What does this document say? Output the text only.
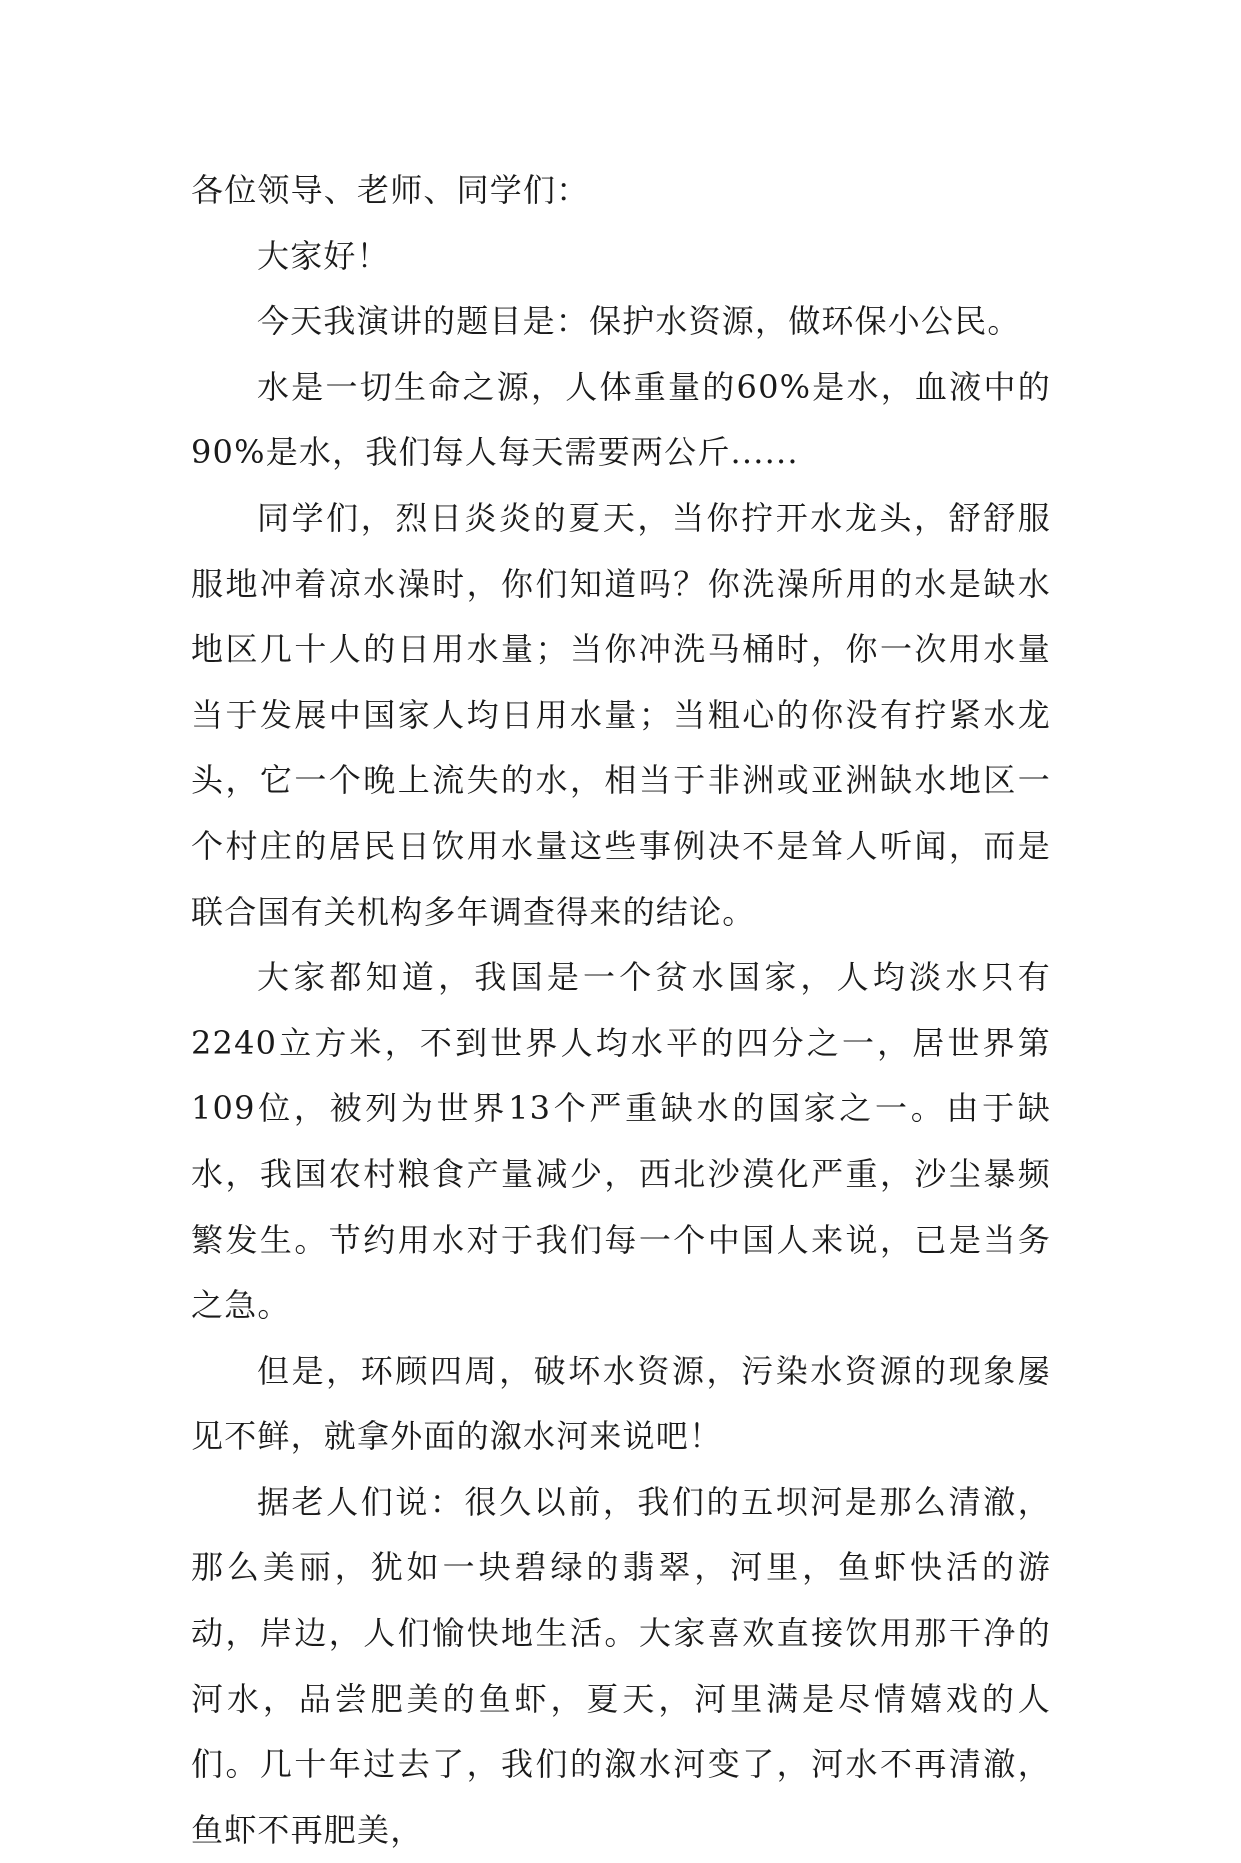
各位领导、老师、同学们：

大家好！

今天我演讲的题目是：保护水资源，做环保小公民。

水是一切生命之源，人体重量的60%是水，血液中的90%是水，我们每人每天需要两公斤......

同学们，烈日炎炎的夏天，当你拧开水龙头，舒舒服服地冲着凉水澡时，你们知道吗？你洗澡所用的水是缺水地区几十人的日用水量；当你冲洗马桶时，你一次用水量当于发展中国家人均日用水量；当粗心的你没有拧紧水龙头，它一个晚上流失的水，相当于非洲或亚洲缺水地区一个村庄的居民日饮用水量这些事例决不是耸人听闻，而是联合国有关机构多年调查得来的结论。

大家都知道，我国是一个贫水国家，人均淡水只有2240立方米，不到世界人均水平的四分之一，居世界第109位，被列为世界13个严重缺水的国家之一。由于缺水，我国农村粮食产量减少，西北沙漠化严重，沙尘暴频繁发生。节约用水对于我们每一个中国人来说，已是当务之急。

但是，环顾四周，破坏水资源，污染水资源的现象屡见不鲜，就拿外面的溆水河来说吧！

据老人们说：很久以前，我们的五坝河是那么清澈，那么美丽，犹如一块碧绿的翡翠，河里，鱼虾快活的游动，岸边，人们愉快地生活。大家喜欢直接饮用那干净的河水，品尝肥美的鱼虾，夏天，河里满是尽情嬉戏的人们。几十年过去了，我们的溆水河变了，河水不再清澈，鱼虾不再肥美，
